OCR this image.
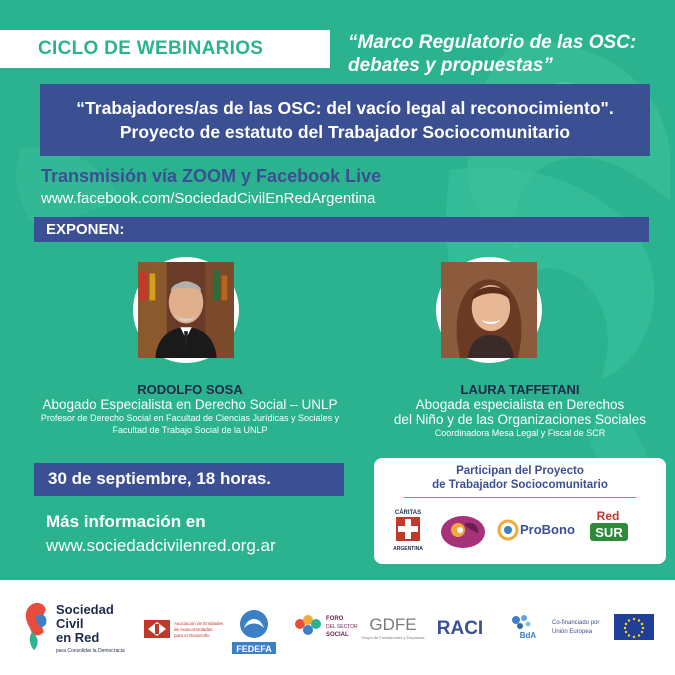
CICLO DE WEBINARIOS	“Marco Regulatorio de las OSC:
debates y propuestas”
“Trabajadores/as de las OSC: del vacío legal al reconocimiento".
Proyecto de estatuto del Trabajador Sociocomunitario
Transmisión vía ZOOM y Facebook Live
www.facebook.com/SociedadCivilEnRedArgentina
EXPONEN:
RODOLFO SOSA
Abogado Especialista en Derecho Social – UNLP
Profesor de Derecho Social en Facultad de Ciencias Jurídicas y Sociales y
Facultad de Trabajo Social de la UNLP
LAURA TAFFETANI
Abogada especialista en Derechos
del Niño y de las Organizaciones Sociales
Coordinadora Mesa Legal y Fiscal de SCR
30 de septiembre, 18 horas.
Más información en
www.sociedadcivilenred.org.ar
Participan del Proyecto
de Trabajador Sociocomunitario
CÁRITAS
ARGENTINA
ProBono
Red
SUR
Sociedad
Civil
en Red
para Consolidar la Democracia
Asociación de Entidades
de Autocontroladas
para el Desarrollo
FEDEFA
FORO
DEL SECTOR
SOCIAL
GDFE
Grupo de Fundaciones y Empresas RACI	BdA
Co-financiado por
Unión Europea
